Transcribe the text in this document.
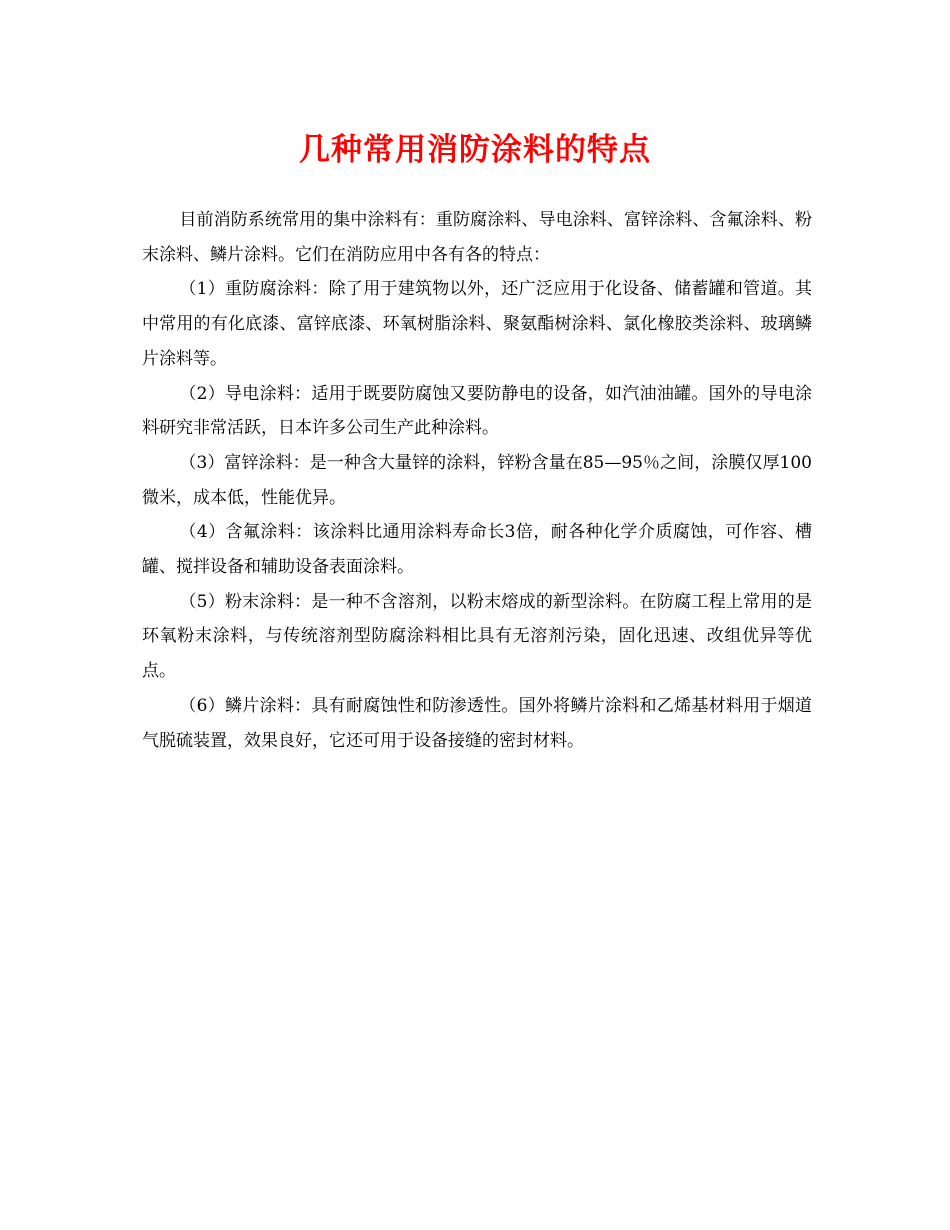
几种常用消防涂料的特点

目前消防系统常用的集中涂料有：重防腐涂料、导电涂料、富锌涂料、含氟涂料、粉末涂料、鳞片涂料。它们在消防应用中各有各的特点：

（1）重防腐涂料：除了用于建筑物以外，还广泛应用于化设备、储蓄罐和管道。其中常用的有化底漆、富锌底漆、环氧树脂涂料、聚氨酯树涂料、氯化橡胶类涂料、玻璃鳞片涂料等。

（2）导电涂料：适用于既要防腐蚀又要防静电的设备，如汽油油罐。国外的导电涂料研究非常活跃，日本许多公司生产此种涂料。

（3）富锌涂料：是一种含大量锌的涂料，锌粉含量在85—95％之间，涂膜仅厚100微米，成本低，性能优异。

（4）含氟涂料：该涂料比通用涂料寿命长3倍，耐各种化学介质腐蚀，可作容、槽罐、搅拌设备和辅助设备表面涂料。

（5）粉末涂料：是一种不含溶剂，以粉末熔成的新型涂料。在防腐工程上常用的是环氧粉末涂料，与传统溶剂型防腐涂料相比具有无溶剂污染，固化迅速、改组优异等优点。

（6）鳞片涂料：具有耐腐蚀性和防渗透性。国外将鳞片涂料和乙烯基材料用于烟道气脱硫装置，效果良好，它还可用于设备接缝的密封材料。
